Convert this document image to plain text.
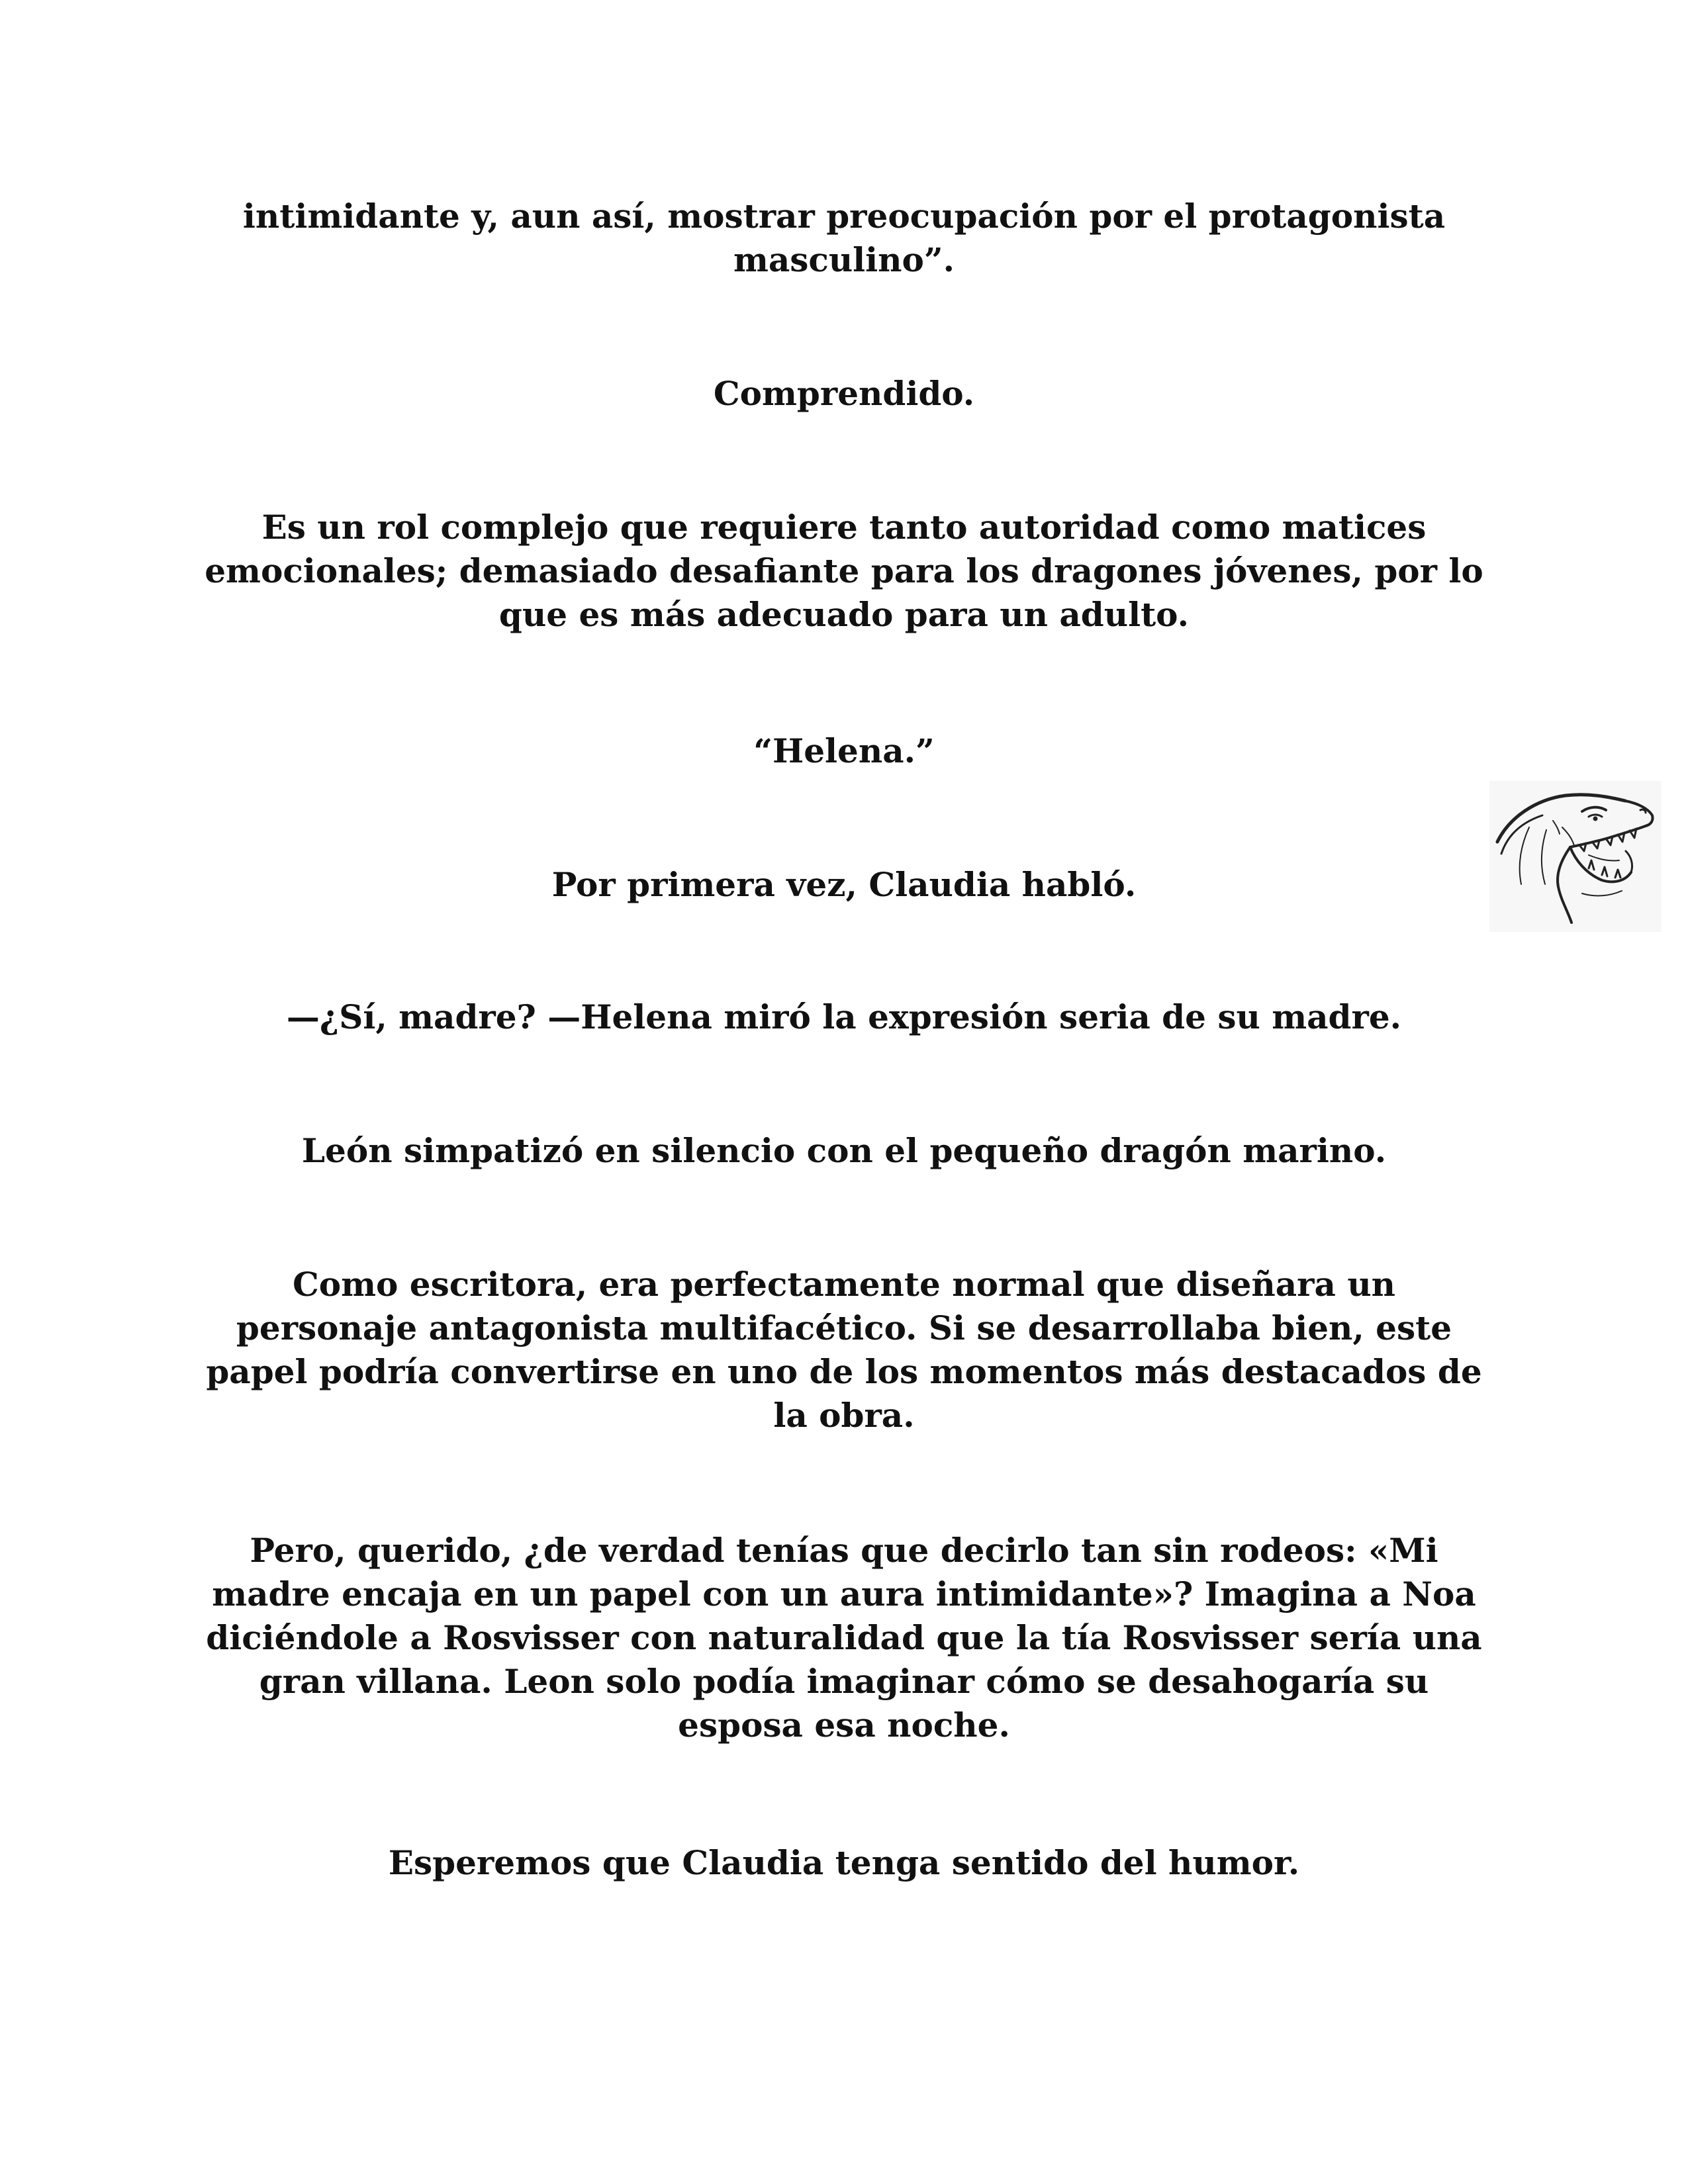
intimidante y, aun así, mostrar preocupación por el protagonista masculino”.

Comprendido.

Es un rol complejo que requiere tanto autoridad como matices emocionales; demasiado desafiante para los dragones jóvenes, por lo que es más adecuado para un adulto.

“Helena.”

Por primera vez, Claudia habló.

—¿Sí, madre? —Helena miró la expresión seria de su madre.

León simpatizó en silencio con el pequeño dragón marino.

Como escritora, era perfectamente normal que diseñara un personaje antagonista multifacético. Si se desarrollaba bien, este papel podría convertirse en uno de los momentos más destacados de la obra.

Pero, querido, ¿de verdad tenías que decirlo tan sin rodeos: «Mi madre encaja en un papel con un aura intimidante»? Imagina a Noa diciéndole a Rosvisser con naturalidad que la tía Rosvisser sería una gran villana. Leon solo podía imaginar cómo se desahogaría su esposa esa noche.

Esperemos que Claudia tenga sentido del humor.
